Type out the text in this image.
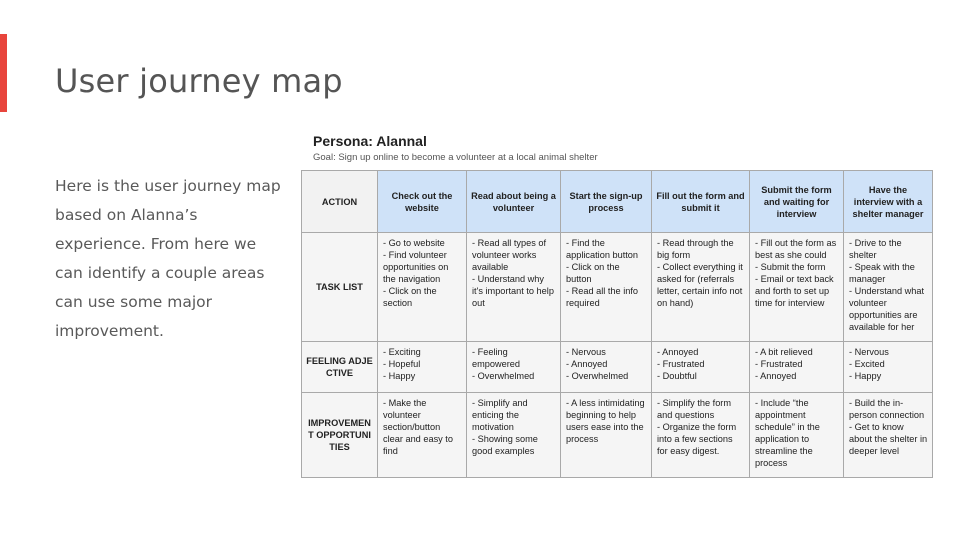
User journey map
Here is the user journey map based on Alanna’s experience. From here we can identify a couple areas can use some major improvement.
Persona: Alannal
Goal: Sign up online to become a volunteer at a local animal shelter
ACTION	Check out the website	Read about being a volunteer	Start the sign-up process	Fill out the form and submit it	Submit the form and waiting for interview	Have the interview with a shelter manager
TASK LIST	- Go to website
- Find volunteer opportunities on the navigation
- Click on the section	- Read all types of volunteer works available
- Understand why it's important to help out	- Find the application button
- Click on the button
- Read all the info required	- Read through the big form
- Collect everything it asked for (referrals letter, certain info not on hand)	- Fill out the form as best as she could
- Submit the form
- Email or text back and forth to set up time for interview	- Drive to the shelter
- Speak with the manager
- Understand what volunteer opportunities are available for her
FEELING ADJECTIVE	- Exciting
- Hopeful
- Happy	- Feeling empowered
- Overwhelmed	- Nervous
- Annoyed
- Overwhelmed	- Annoyed
- Frustrated
- Doubtful	- A bit relieved
- Frustrated
- Annoyed	- Nervous
- Excited
- Happy
IMPROVEMENT OPPORTUNITIES	- Make the volunteer section/button clear and easy to find	- Simplify and enticing the motivation
- Showing some good examples	- A less intimidating beginning to help users ease into the process	- Simplify the form and questions
- Organize the form into a few sections for easy digest.	- Include “the appointment schedule” in the application to streamline the process	- Build the in-person connection
- Get to know about the shelter in deeper level
